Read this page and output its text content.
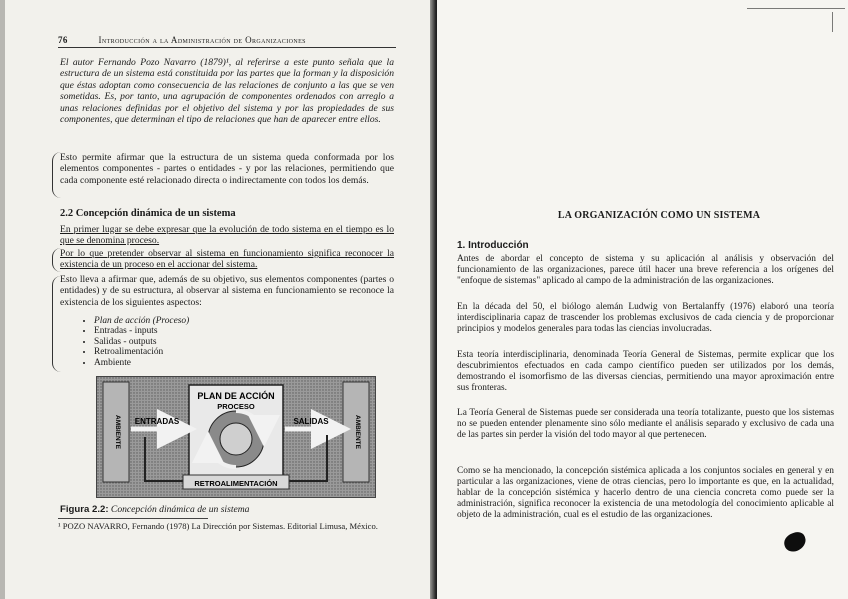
76	Introducción a la Administración de Organizaciones

El autor Fernando Pozo Navarro (1879)¹, al referirse a este punto señala que la estructura de un sistema está constituida por las partes que la forman y la disposición que éstas adoptan como consecuencia de las relaciones de conjunto a las que se ven sometidas. Es, por tanto, una agrupación de componentes ordenados con arreglo a unas relaciones definidas por el objetivo del sistema y por las propiedades de sus componentes, que determinan el tipo de relaciones que han de aparecer entre ellos.

Esto permite afirmar que la estructura de un sistema queda conformada por los elementos componentes - partes o entidades - y por las relaciones, permitiendo que cada componente esté relacionado directa o indirectamente con todos los demás.

2.2 Concepción dinámica de un sistema

En primer lugar se debe expresar que la evolución de todo sistema en el tiempo es lo que se denomina proceso.

Por lo que pretender observar al sistema en funcionamiento significa reconocer la existencia de un proceso en el accionar del sistema.

Esto lleva a afirmar que, además de su objetivo, sus elementos componentes (partes o entidades) y de su estructura, al observar al sistema en funcionamiento se reconoce la existencia de los siguientes aspectos:

• Plan de acción (Proceso)
• Entradas - inputs
• Salidas - outputs
• Retroalimentación
• Ambiente
PLAN DE ACCIÓN
PROCESO
ENTRADAS	SALIDAS
RETROALIMENTACIÓN
AMBIENTE	AMBIENTE
Figura 2.2: Concepción dinámica de un sistema

¹ POZO NAVARRO, Fernando (1978) La Dirección por Sistemas. Editorial Limusa, México.

LA ORGANIZACIÓN COMO UN SISTEMA

1. Introducción

Antes de abordar el concepto de sistema y su aplicación al análisis y observación del funcionamiento de las organizaciones, parece útil hacer una breve referencia a los orígenes del "enfoque de sistemas" aplicado al campo de la administración de las organizaciones.

En la década del 50, el biólogo alemán Ludwig von Bertalanffy (1976) elaboró una teoría interdisciplinaria capaz de trascender los problemas exclusivos de cada ciencia y de proporcionar principios y modelos generales para todas las ciencias involucradas.

Esta teoría interdisciplinaria, denominada Teoría General de Sistemas, permite explicar que los descubrimientos efectuados en cada campo científico pueden ser utilizados por los demás, demostrando el isomorfismo de las diversas ciencias, permitiendo una mayor aproximación entre sus fronteras.

La Teoría General de Sistemas puede ser considerada una teoría totalizante, puesto que los sistemas no se pueden entender plenamente sino sólo mediante el análisis separado y exclusivo de cada una de las partes sin perder la visión del todo mayor al que pertenecen.

Como se ha mencionado, la concepción sistémica aplicada a los conjuntos sociales en general y en particular a las organizaciones, viene de otras ciencias, pero lo importante es que, en la actualidad, hablar de la concepción sistémica y hacerlo dentro de una ciencia concreta como puede ser la administración, significa reconocer la existencia de una metodología del conocimiento aplicable al objeto de la administración, cual es el estudio de las organizaciones.
